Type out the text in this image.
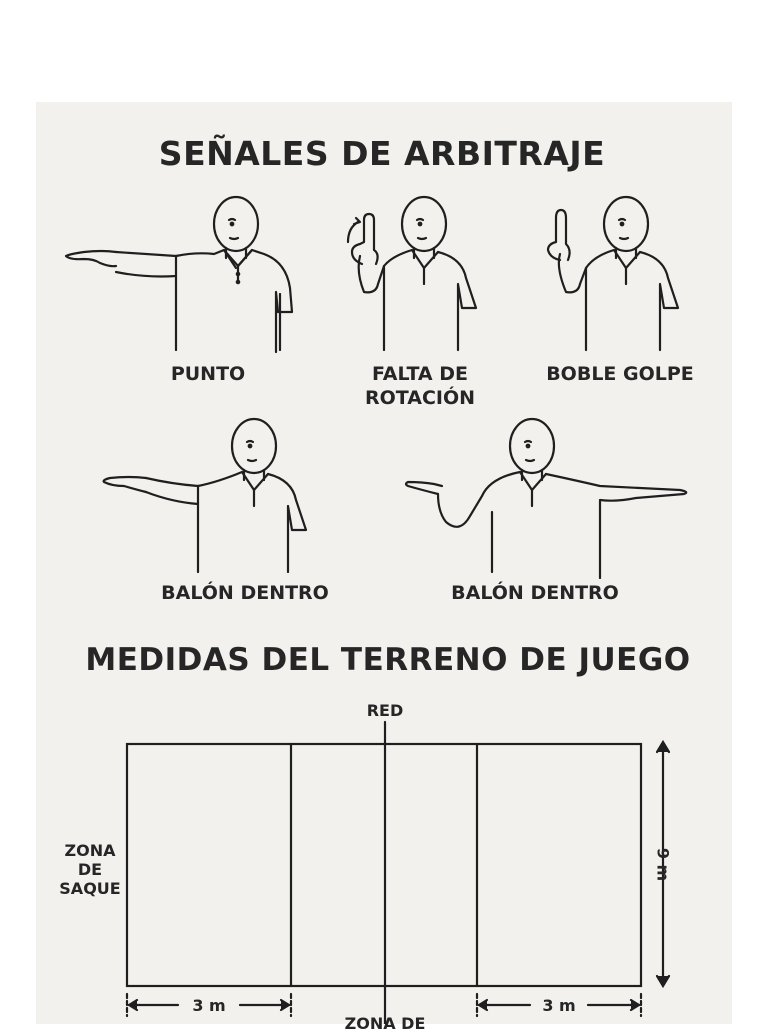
SEÑALES DE ARBITRAJE
PUNTO	FALTA DE ROTACIÓN
BOBLE GOLPE
BALÓN DENTRO	BALÓN DENTRO
MEDIDAS DEL TERRENO DE JUEGO
RED
ZONA DE SAQUE
9 m
3 m	3 m
ZONA DE
